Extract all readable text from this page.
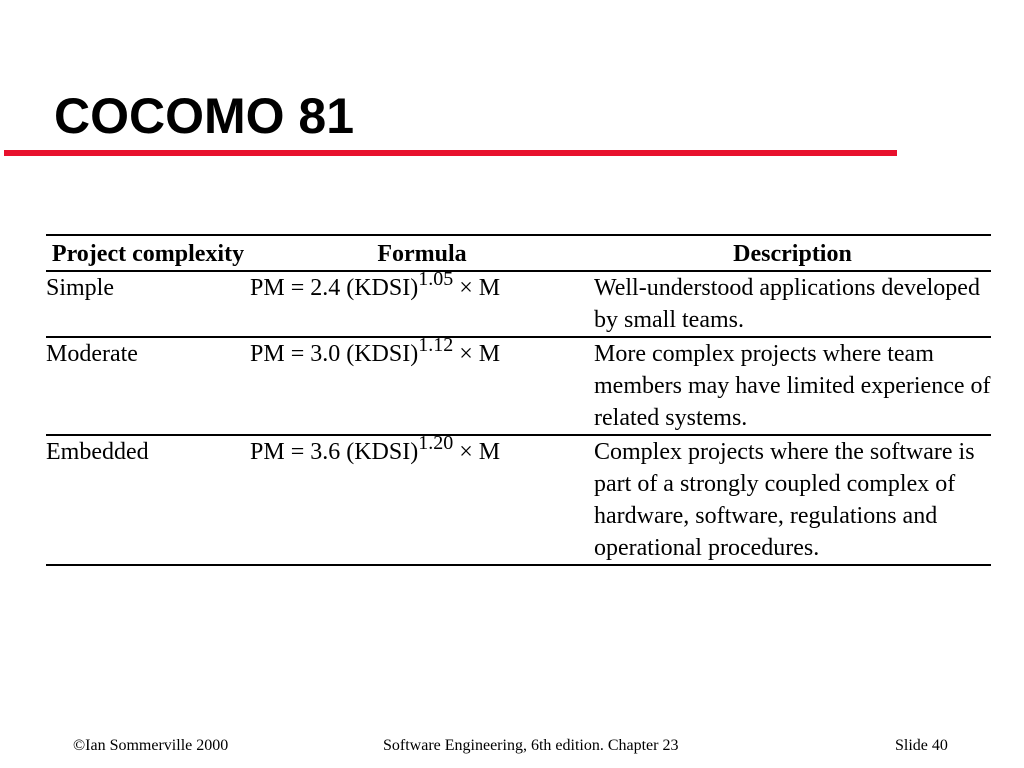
COCOMO 81
Project complexity	Formula	Description
Simple	PM = 2.4 (KDSI)$^{1.05}$ × M	Well-understood applications developed by small teams.
Moderate	PM = 3.0 (KDSI)$^{1.12}$ × M	More complex projects where team members may have limited experience of related systems.
Embedded	PM = 3.6 (KDSI)$^{1.20}$ × M	Complex projects where the software is part of a strongly coupled complex of hardware, software, regulations and operational procedures.

©Ian Sommerville 2000	Software Engineering, 6th edition. Chapter 23	Slide 40
